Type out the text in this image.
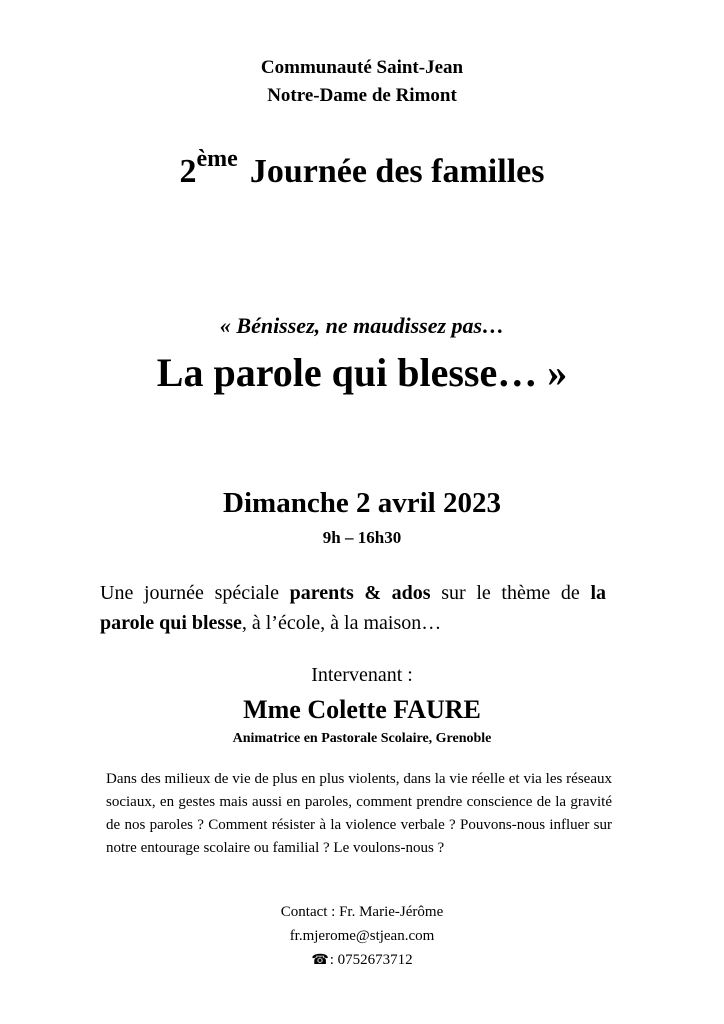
Communauté Saint-Jean
Notre-Dame de Rimont
2ème Journée des familles
« Bénissez, ne maudissez pas…
La parole qui blesse… »
Dimanche 2 avril 2023
9h – 16h30
Une journée spéciale parents & ados sur le thème de la parole qui blesse, à l’école, à la maison…
Intervenant :
Mme Colette FAURE
Animatrice en Pastorale Scolaire, Grenoble
Dans des milieux de vie de plus en plus violents, dans la vie réelle et via les réseaux sociaux, en gestes mais aussi en paroles, comment prendre conscience de la gravité de nos paroles ? Comment résister à la violence verbale ? Pouvons-nous influer sur notre entourage scolaire ou familial ? Le voulons-nous ?
Contact : Fr. Marie-Jérôme
fr.mjerome@stjean.com
☎: 0752673712
